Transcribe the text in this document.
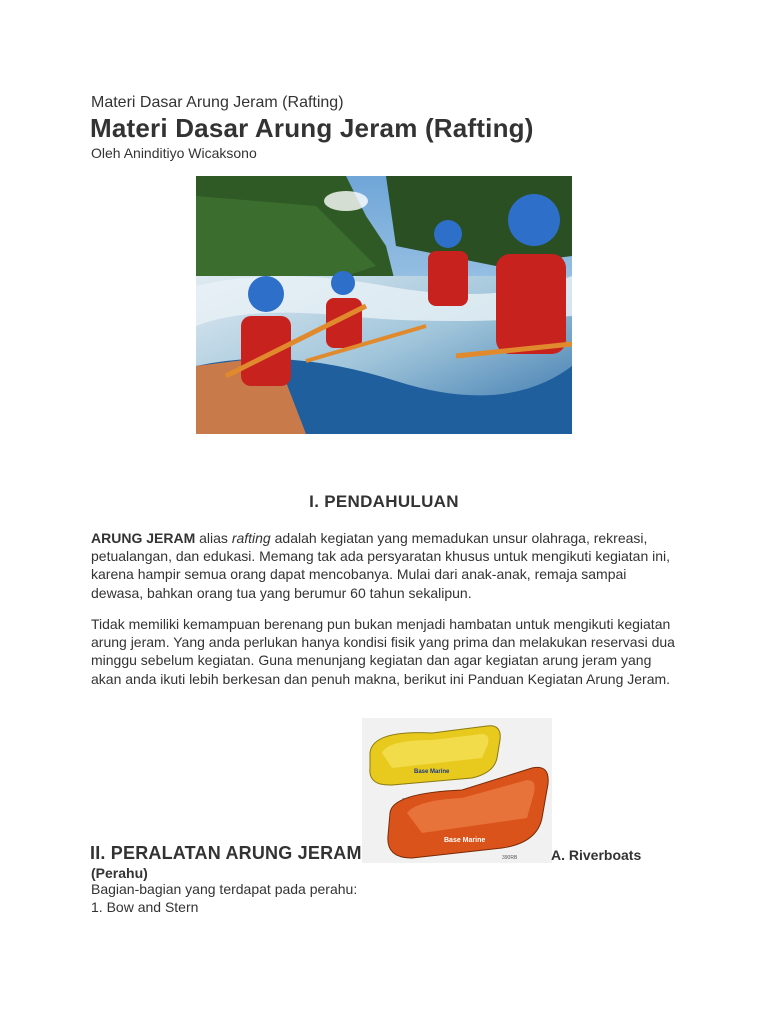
Materi Dasar Arung Jeram (Rafting)
Materi Dasar Arung Jeram (Rafting)
Oleh Aninditiyo Wicaksono
I. PENDAHULUAN
ARUNG JERAM alias rafting adalah kegiatan yang memadukan unsur olahraga, rekreasi, petualangan, dan edukasi. Memang tak ada persyaratan khusus untuk mengikuti kegiatan ini, karena hampir semua orang dapat mencobanya. Mulai dari anak-anak, remaja sampai dewasa, bahkan orang tua yang berumur 60 tahun sekalipun.
Tidak memiliki kemampuan berenang pun bukan menjadi hambatan untuk mengikuti kegiatan arung jeram. Yang anda perlukan hanya kondisi fisik yang prima dan melakukan reservasi dua minggu sebelum kegiatan. Guna menunjang kegiatan dan agar kegiatan arung jeram yang akan anda ikuti lebih berkesan dan penuh makna, berikut ini Panduan Kegiatan Arung Jeram.
Base Marine
Base Marine
390RB
II. PERALATAN ARUNG JERAM	A. Riverboats
(Perahu)
Bagian-bagian yang terdapat pada perahu:
1. Bow and Stern
